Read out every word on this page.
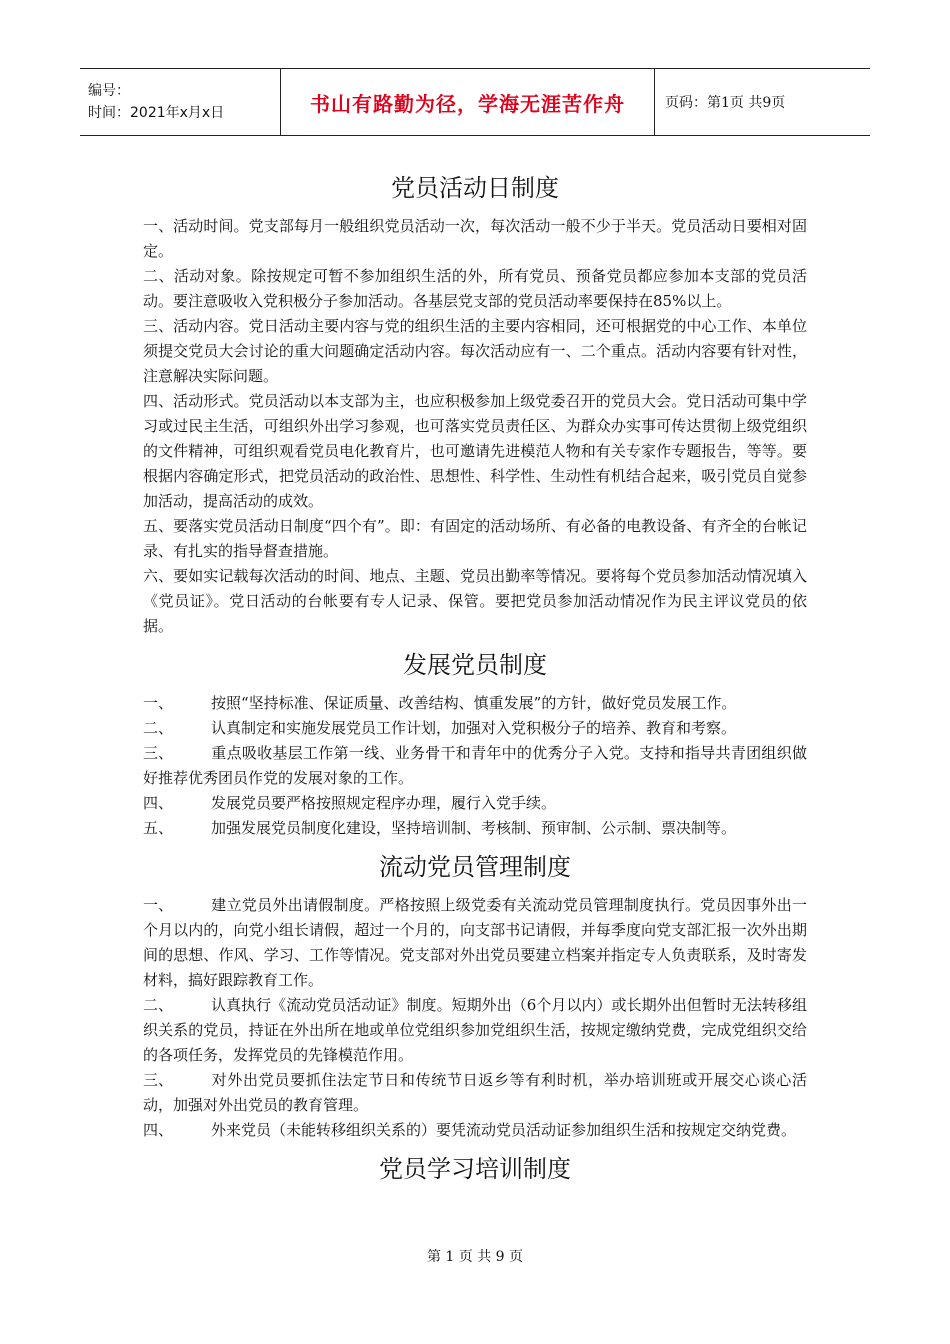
编号：
时间：2021年x月x日	书山有路勤为径，学海无涯苦作舟	页码：第1页 共9页
党员活动日制度

一、活动时间。党支部每月一般组织党员活动一次，每次活动一般不少于半天。党员活动日要相对固定。

二、活动对象。除按规定可暂不参加组织生活的外，所有党员、预备党员都应参加本支部的党员活动。要注意吸收入党积极分子参加活动。各基层党支部的党员活动率要保持在85%以上。

三、活动内容。党日活动主要内容与党的组织生活的主要内容相同，还可根据党的中心工作、本单位须提交党员大会讨论的重大问题确定活动内容。每次活动应有一、二个重点。活动内容要有针对性，注意解决实际问题。

四、活动形式。党员活动以本支部为主，也应积极参加上级党委召开的党员大会。党日活动可集中学习或过民主生活，可组织外出学习参观，也可落实党员责任区、为群众办实事可传达贯彻上级党组织的文件精神，可组织观看党员电化教育片，也可邀请先进模范人物和有关专家作专题报告，等等。要根据内容确定形式，把党员活动的政治性、思想性、科学性、生动性有机结合起来，吸引党员自觉参加活动，提高活动的成效。

五、要落实党员活动日制度“四个有”。即：有固定的活动场所、有必备的电教设备、有齐全的台帐记录、有扎实的指导督查措施。

六、要如实记载每次活动的时间、地点、主题、党员出勤率等情况。要将每个党员参加活动情况填入《党员证》。党日活动的台帐要有专人记录、保管。要把党员参加活动情况作为民主评议党员的依据。

发展党员制度

一、	按照“坚持标准、保证质量、改善结构、慎重发展”的方针，做好党员发展工作。

二、	认真制定和实施发展党员工作计划，加强对入党积极分子的培养、教育和考察。

三、	重点吸收基层工作第一线、业务骨干和青年中的优秀分子入党。支持和指导共青团组织做好推荐优秀团员作党的发展对象的工作。

四、	发展党员要严格按照规定程序办理，履行入党手续。

五、	加强发展党员制度化建设，坚持培训制、考核制、预审制、公示制、票决制等。

流动党员管理制度

一、	建立党员外出请假制度。严格按照上级党委有关流动党员管理制度执行。党员因事外出一个月以内的，向党小组长请假，超过一个月的，向支部书记请假，并每季度向党支部汇报一次外出期间的思想、作风、学习、工作等情况。党支部对外出党员要建立档案并指定专人负责联系，及时寄发材料，搞好跟踪教育工作。

二、	认真执行《流动党员活动证》制度。短期外出（6个月以内）或长期外出但暂时无法转移组织关系的党员，持证在外出所在地或单位党组织参加党组织生活，按规定缴纳党费，完成党组织交给的各项任务，发挥党员的先锋模范作用。

三、	对外出党员要抓住法定节日和传统节日返乡等有利时机，举办培训班或开展交心谈心活动，加强对外出党员的教育管理。

四、	外来党员（未能转移组织关系的）要凭流动党员活动证参加组织生活和按规定交纳党费。

党员学习培训制度
第 1 页 共 9 页
